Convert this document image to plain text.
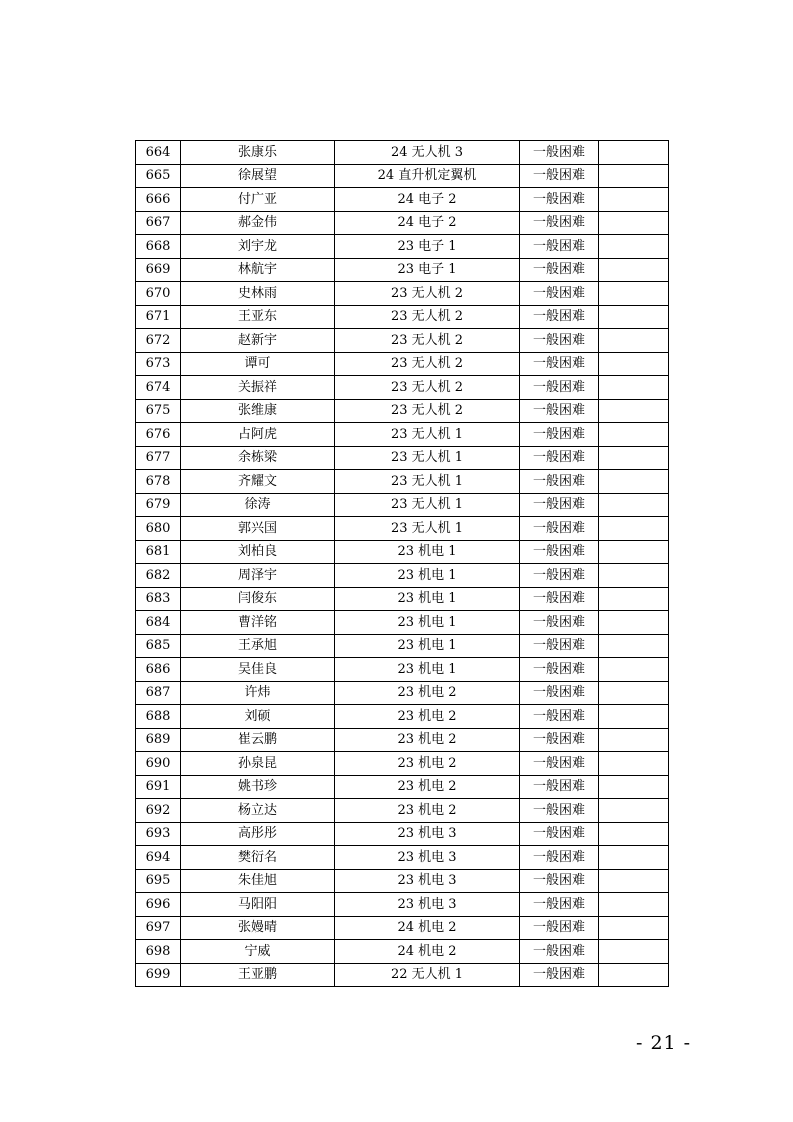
664	张康乐	24 无人机 3	一般困难	
665	徐展望	24 直升机定翼机	一般困难	
666	付广亚	24 电子 2	一般困难	
667	郝金伟	24 电子 2	一般困难	
668	刘宇龙	23 电子 1	一般困难	
669	林航宇	23 电子 1	一般困难	
670	史林雨	23 无人机 2	一般困难	
671	王亚东	23 无人机 2	一般困难	
672	赵新宇	23 无人机 2	一般困难	
673	谭可	23 无人机 2	一般困难	
674	关振祥	23 无人机 2	一般困难	
675	张维康	23 无人机 2	一般困难	
676	占阿虎	23 无人机 1	一般困难	
677	余栋梁	23 无人机 1	一般困难	
678	齐耀文	23 无人机 1	一般困难	
679	徐涛	23 无人机 1	一般困难	
680	郭兴国	23 无人机 1	一般困难	
681	刘柏良	23 机电 1	一般困难	
682	周泽宇	23 机电 1	一般困难	
683	闫俊东	23 机电 1	一般困难	
684	曹洋铭	23 机电 1	一般困难	
685	王承旭	23 机电 1	一般困难	
686	吴佳良	23 机电 1	一般困难	
687	许炜	23 机电 2	一般困难	
688	刘硕	23 机电 2	一般困难	
689	崔云鹏	23 机电 2	一般困难	
690	孙泉昆	23 机电 2	一般困难	
691	姚书珍	23 机电 2	一般困难	
692	杨立达	23 机电 2	一般困难	
693	高彤彤	23 机电 3	一般困难	
694	樊衍名	23 机电 3	一般困难	
695	朱佳旭	23 机电 3	一般困难	
696	马阳阳	23 机电 3	一般困难	
697	张嫚晴	24 机电 2	一般困难	
698	宁威	24 机电 2	一般困难	
699	王亚鹏	22 无人机 1	一般困难	
- 21 -
